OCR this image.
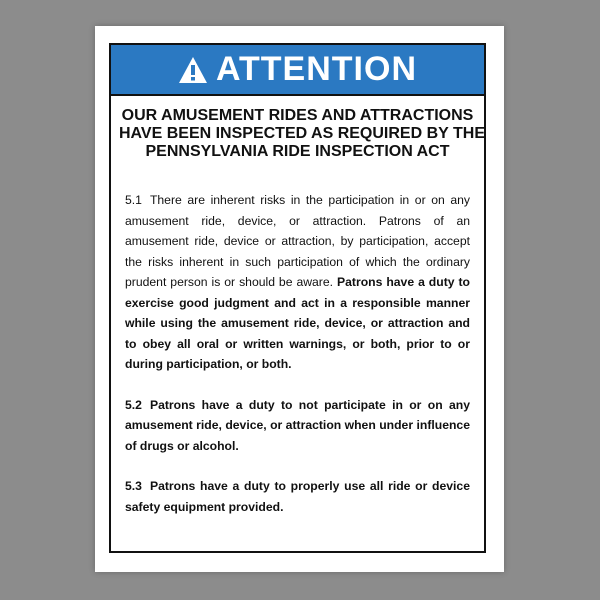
ATTENTION
OUR AMUSEMENT RIDES AND ATTRACTIONS
HAVE BEEN INSPECTED AS REQUIRED BY THE
PENNSYLVANIA RIDE INSPECTION ACT

5.1 There are inherent risks in the participation in or on any amusement ride, device, or attraction. Patrons of an amusement ride, device or attraction, by participation, accept the risks inherent in such participation of which the ordinary prudent person is or should be aware. Patrons have a duty to exercise good judgment and act in a responsible manner while using the amusement ride, device, or attraction and to obey all oral or written warnings, or both, prior to or during participation, or both.

5.2 Patrons have a duty to not participate in or on any amusement ride, device, or attraction when under influence of drugs or alcohol.

5.3 Patrons have a duty to properly use all ride or device safety equipment provided.
